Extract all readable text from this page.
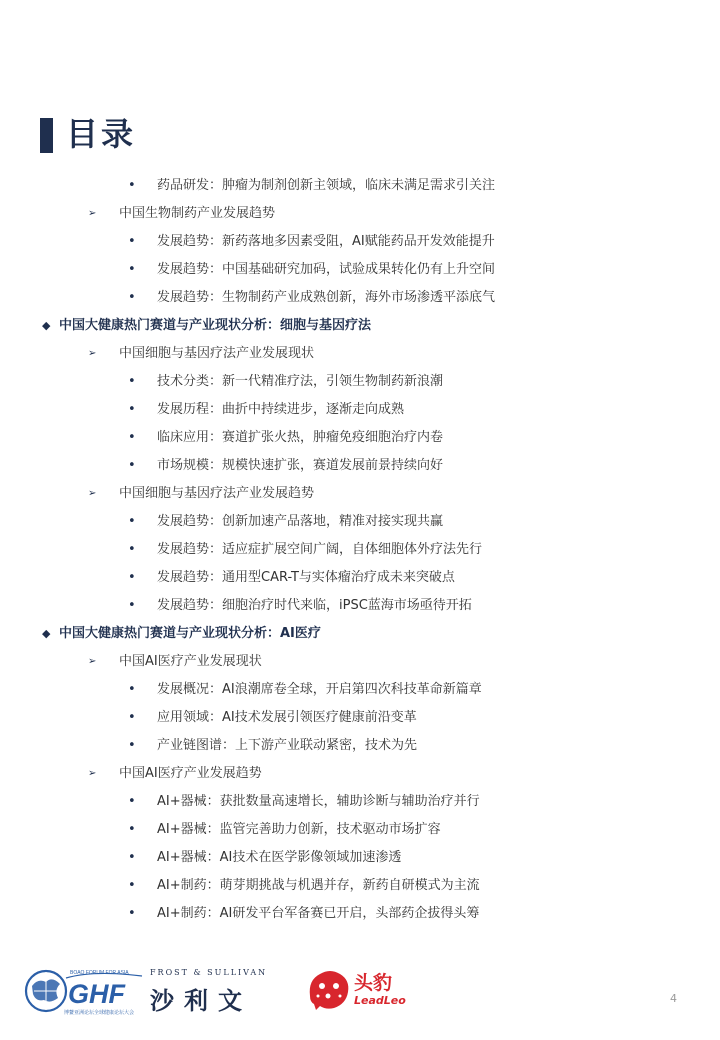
目录
• 药品研发：肿瘤为制剂创新主领域，临床未满足需求引关注
➢ 中国生物制药产业发展趋势
• 发展趋势：新药落地多因素受阻，AI赋能药品开发效能提升
• 发展趋势：中国基础研究加码，试验成果转化仍有上升空间
• 发展趋势：生物制药产业成熟创新，海外市场渗透平添底气
◆ 中国大健康热门赛道与产业现状分析：细胞与基因疗法
➢ 中国细胞与基因疗法产业发展现状
• 技术分类：新一代精准疗法，引领生物制药新浪潮
• 发展历程：曲折中持续进步，逐渐走向成熟
• 临床应用：赛道扩张火热，肿瘤免疫细胞治疗内卷
• 市场规模：规模快速扩张，赛道发展前景持续向好
➢ 中国细胞与基因疗法产业发展趋势
• 发展趋势：创新加速产品落地，精准对接实现共赢
• 发展趋势：适应症扩展空间广阔，自体细胞体外疗法先行
• 发展趋势：通用型CAR-T与实体瘤治疗成未来突破点
• 发展趋势：细胞治疗时代来临，iPSC蓝海市场亟待开拓
◆ 中国大健康热门赛道与产业现状分析：AI医疗
➢ 中国AI医疗产业发展现状
• 发展概况：AI浪潮席卷全球，开启第四次科技革命新篇章
• 应用领域：AI技术发展引领医疗健康前沿变革
• 产业链图谱：上下游产业联动紧密，技术为先
➢ 中国AI医疗产业发展趋势
• AI+器械：获批数量高速增长，辅助诊断与辅助治疗并行
• AI+器械：监管完善助力创新，技术驱动市场扩容
• AI+器械：AI技术在医学影像领域加速渗透
• AI+制药：萌芽期挑战与机遇并存，新药自研模式为主流
• AI+制药：AI研发平台军备赛已开启，头部药企拔得头筹
BOAO FORUM FOR ASIA
GHF
博鳌亚洲论坛全球健康论坛大会
FROST & SULLIVAN
沙利文
头豹
LeadLeo	4
